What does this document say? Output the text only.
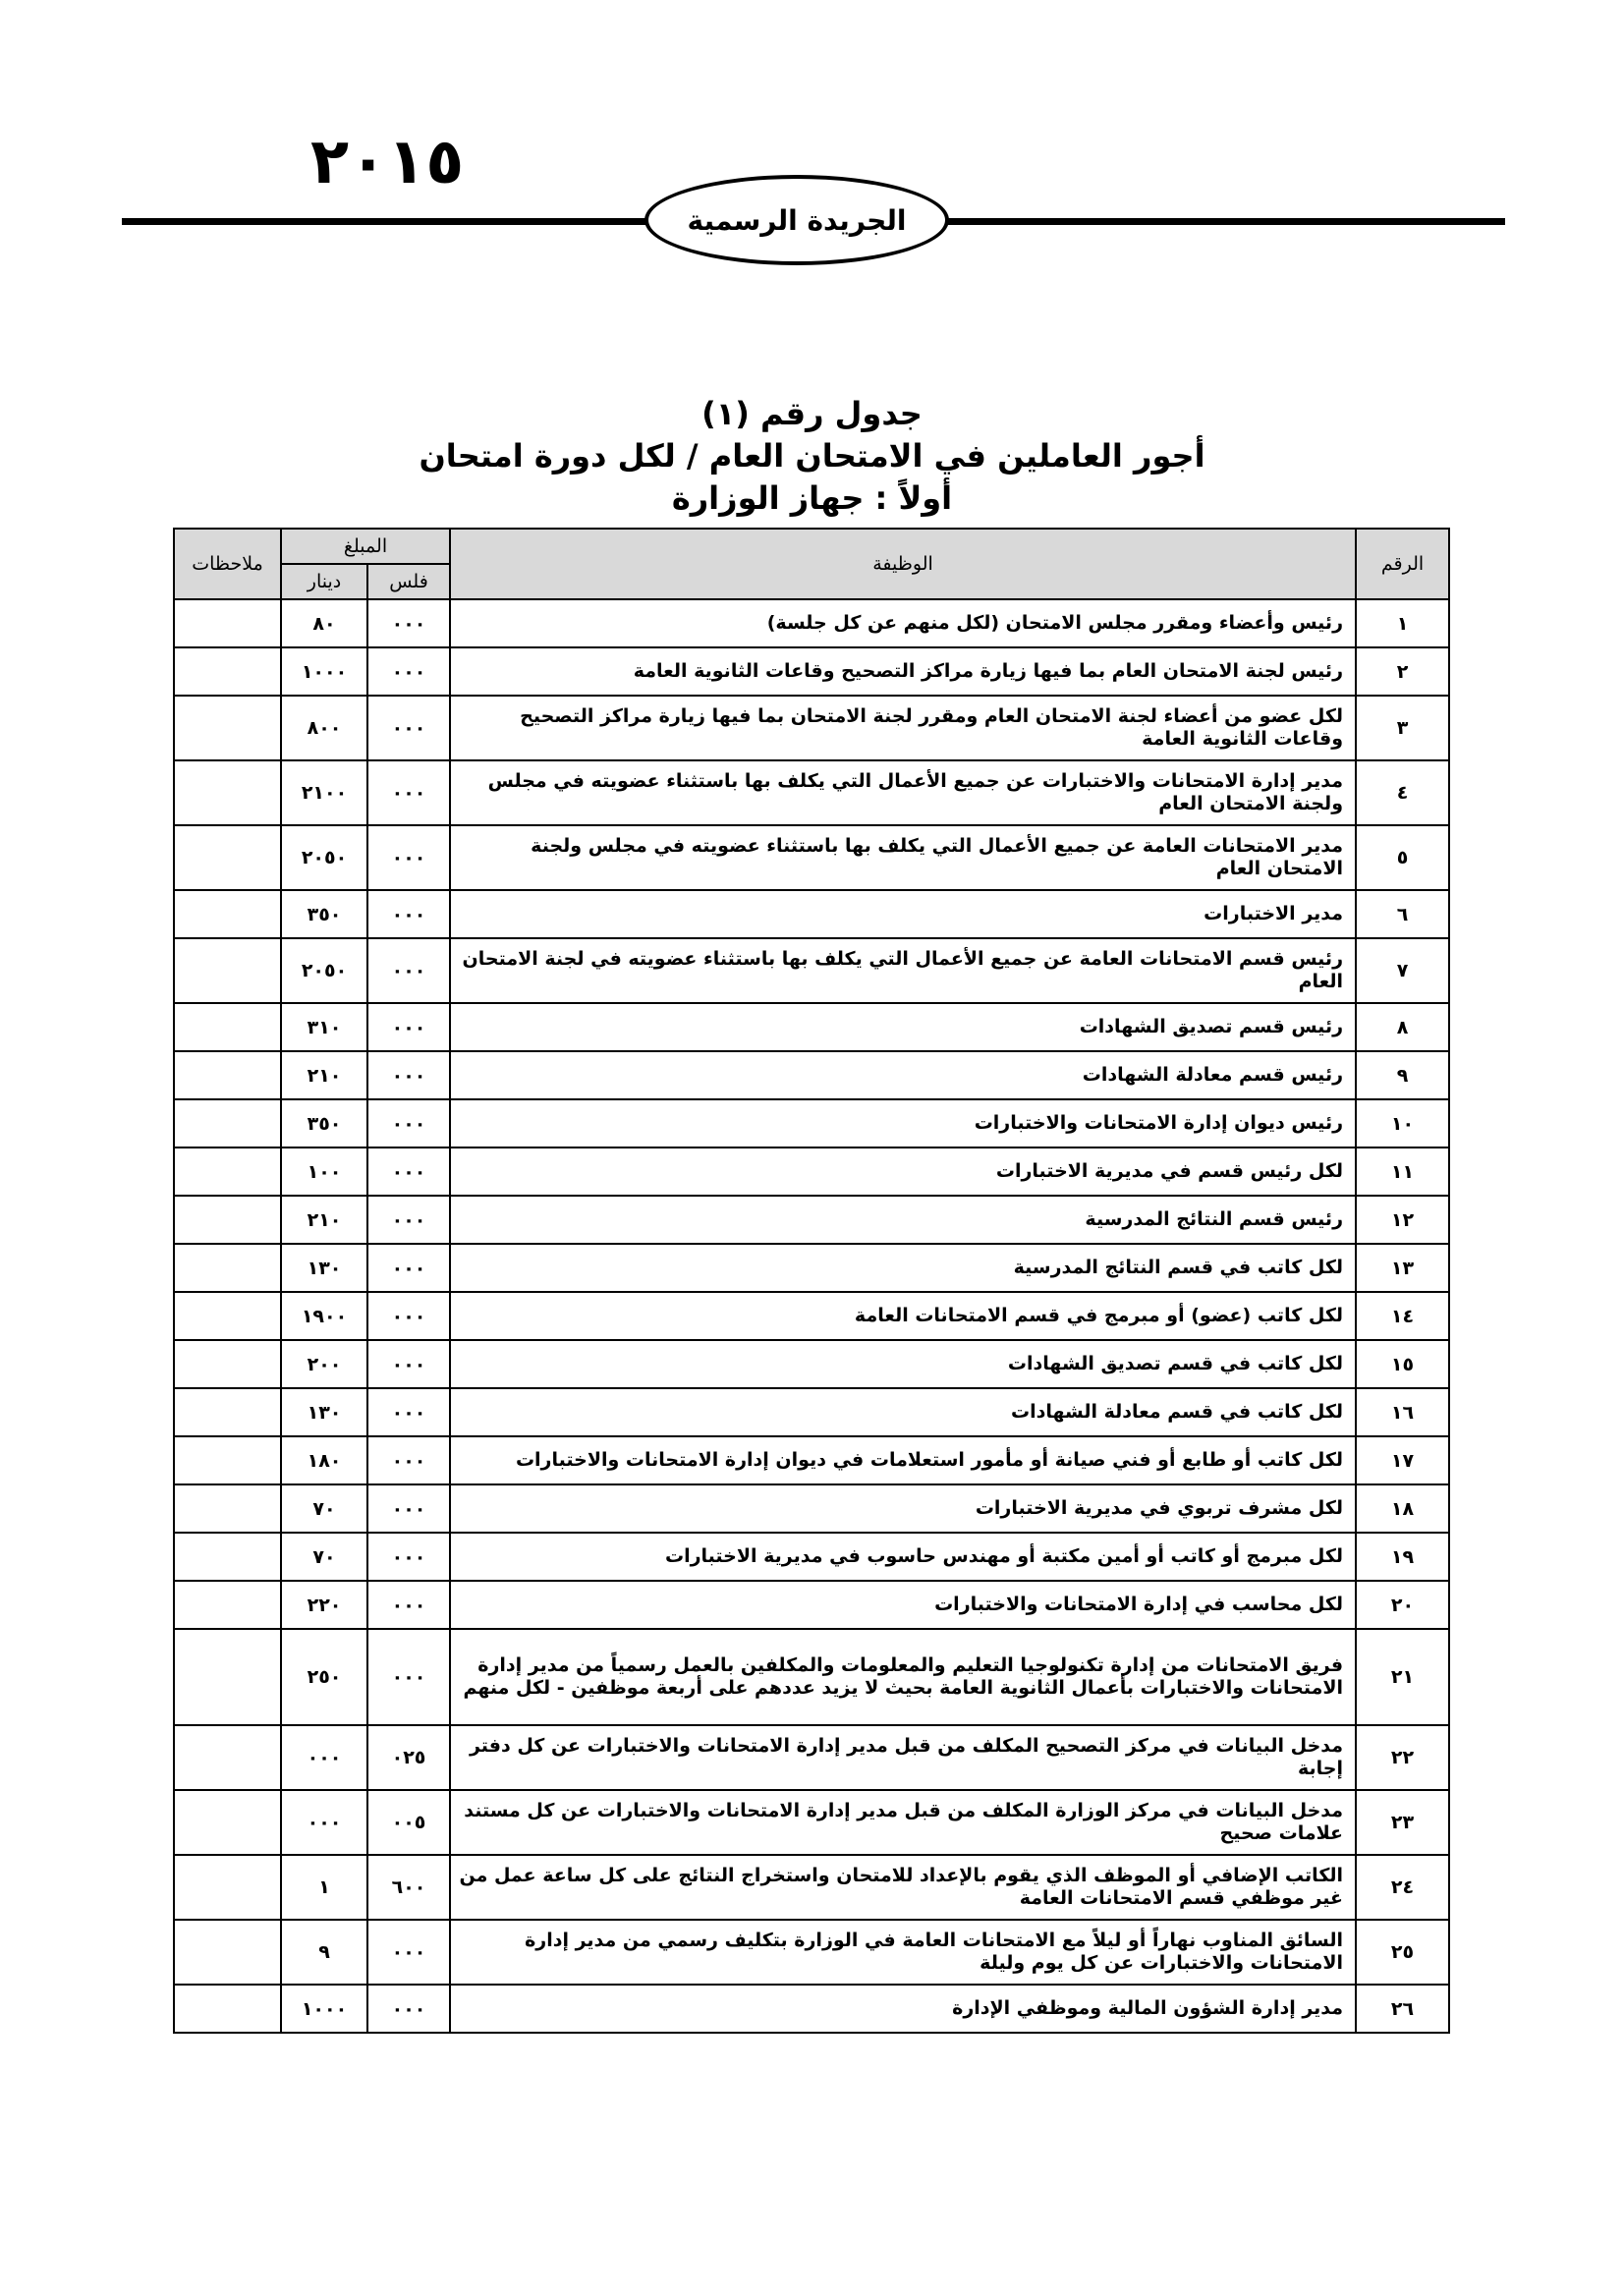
٢٠١٥
الجريدة الرسمية
جدول رقم (١)
أجور العاملين في الامتحان العام / لكل دورة امتحان
أولاً : جهاز الوزارة
الرقم	الوظيفة	المبلغ		ملاحظات
		فلس	دينار	
١	رئيس وأعضاء ومقرر مجلس الامتحان (لكل منهم عن كل جلسة)	٠٠٠	٨٠	
٢	رئيس لجنة الامتحان العام بما فيها زيارة مراكز التصحيح وقاعات الثانوية العامة	٠٠٠	١٠٠٠	
٣	لكل عضو من أعضاء لجنة الامتحان العام ومقرر لجنة الامتحان بما فيها زيارة مراكز التصحيح وقاعات الثانوية العامة	٠٠٠	٨٠٠	
٤	مدير إدارة الامتحانات والاختبارات عن جميع الأعمال التي يكلف بها باستثناء عضويته في مجلس ولجنة الامتحان العام	٠٠٠	٢١٠٠	
٥	مدير الامتحانات العامة عن جميع الأعمال التي يكلف بها باستثناء عضويته في مجلس ولجنة الامتحان العام	٠٠٠	٢٠٥٠	
٦	مدير الاختبارات	٠٠٠	٣٥٠	
٧	رئيس قسم الامتحانات العامة عن جميع الأعمال التي يكلف بها باستثناء عضويته في لجنة الامتحان العام	٠٠٠	٢٠٥٠	
٨	رئيس قسم تصديق الشهادات	٠٠٠	٣١٠	
٩	رئيس قسم معادلة الشهادات	٠٠٠	٢١٠	
١٠	رئيس ديوان إدارة الامتحانات والاختبارات	٠٠٠	٣٥٠	
١١	لكل رئيس قسم في مديرية الاختبارات	٠٠٠	١٠٠	
١٢	رئيس قسم النتائج المدرسية	٠٠٠	٢١٠	
١٣	لكل كاتب في قسم النتائج المدرسية	٠٠٠	١٣٠	
١٤	لكل كاتب (عضو) أو مبرمج في قسم الامتحانات العامة	٠٠٠	١٩٠٠	
١٥	لكل كاتب في قسم تصديق الشهادات	٠٠٠	٢٠٠	
١٦	لكل كاتب في قسم معادلة الشهادات	٠٠٠	١٣٠	
١٧	لكل كاتب أو طابع أو فني صيانة أو مأمور استعلامات في ديوان إدارة الامتحانات والاختبارات	٠٠٠	١٨٠	
١٨	لكل مشرف تربوي في مديرية الاختبارات	٠٠٠	٧٠	
١٩	لكل مبرمج أو كاتب أو أمين مكتبة أو مهندس حاسوب في مديرية الاختبارات	٠٠٠	٧٠	
٢٠	لكل محاسب في إدارة الامتحانات والاختبارات	٠٠٠	٢٢٠	
٢١	فريق الامتحانات من إدارة تكنولوجيا التعليم والمعلومات والمكلفين بالعمل رسمياً من مدير إدارة الامتحانات والاختبارات بأعمال الثانوية العامة بحيث لا يزيد عددهم على أربعة موظفين - لكل منهم	٠٠٠	٢٥٠	
٢٢	مدخل البيانات في مركز التصحيح المكلف من قبل مدير إدارة الامتحانات والاختبارات عن كل دفتر إجابة	٠٢٥	٠٠٠	
٢٣	مدخل البيانات في مركز الوزارة المكلف من قبل مدير إدارة الامتحانات والاختبارات عن كل مستند علامات صحيح	٠٠٥	٠٠٠	
٢٤	الكاتب الإضافي أو الموظف الذي يقوم بالإعداد للامتحان واستخراج النتائج على كل ساعة عمل من غير موظفي قسم الامتحانات العامة	٦٠٠	١	
٢٥	السائق المناوب نهاراً أو ليلاً مع الامتحانات العامة في الوزارة بتكليف رسمي من مدير إدارة الامتحانات والاختبارات عن كل يوم وليلة	٠٠٠	٩	
٢٦	مدير إدارة الشؤون المالية وموظفي الإدارة	٠٠٠	١٠٠٠	
